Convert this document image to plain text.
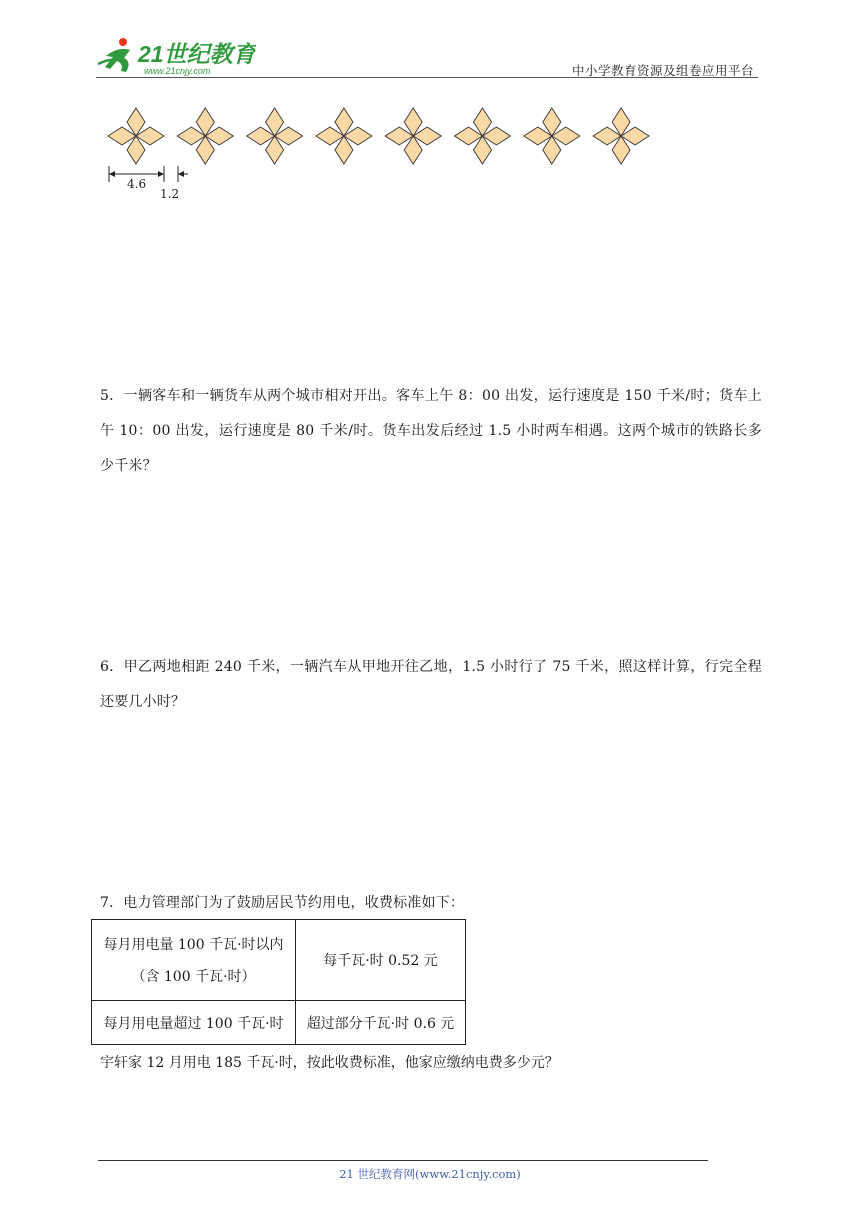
21世纪教育
www.21cnjy.com	中小学教育资源及组卷应用平台
4.6
1.2
5．一辆客车和一辆货车从两个城市相对开出。客车上午 8：00 出发，运行速度是 150 千米/时；货车上午 10：00 出发，运行速度是 80 千米/时。货车出发后经过 1.5 小时两车相遇。这两个城市的铁路长多少千米？
6．甲乙两地相距 240 千米，一辆汽车从甲地开往乙地，1.5 小时行了 75 千米，照这样计算，行完全程还要几小时？
7．电力管理部门为了鼓励居民节约用电，收费标准如下：
每月用电量 100 千瓦·时以内
（含 100 千瓦·时）	每千瓦·时 0.52 元
每月用电量超过 100 千瓦·时	超过部分千瓦·时 0.6 元
宇轩家 12 月用电 185 千瓦·时，按此收费标准，他家应缴纳电费多少元？
21 世纪教育网(www.21cnjy.com)
